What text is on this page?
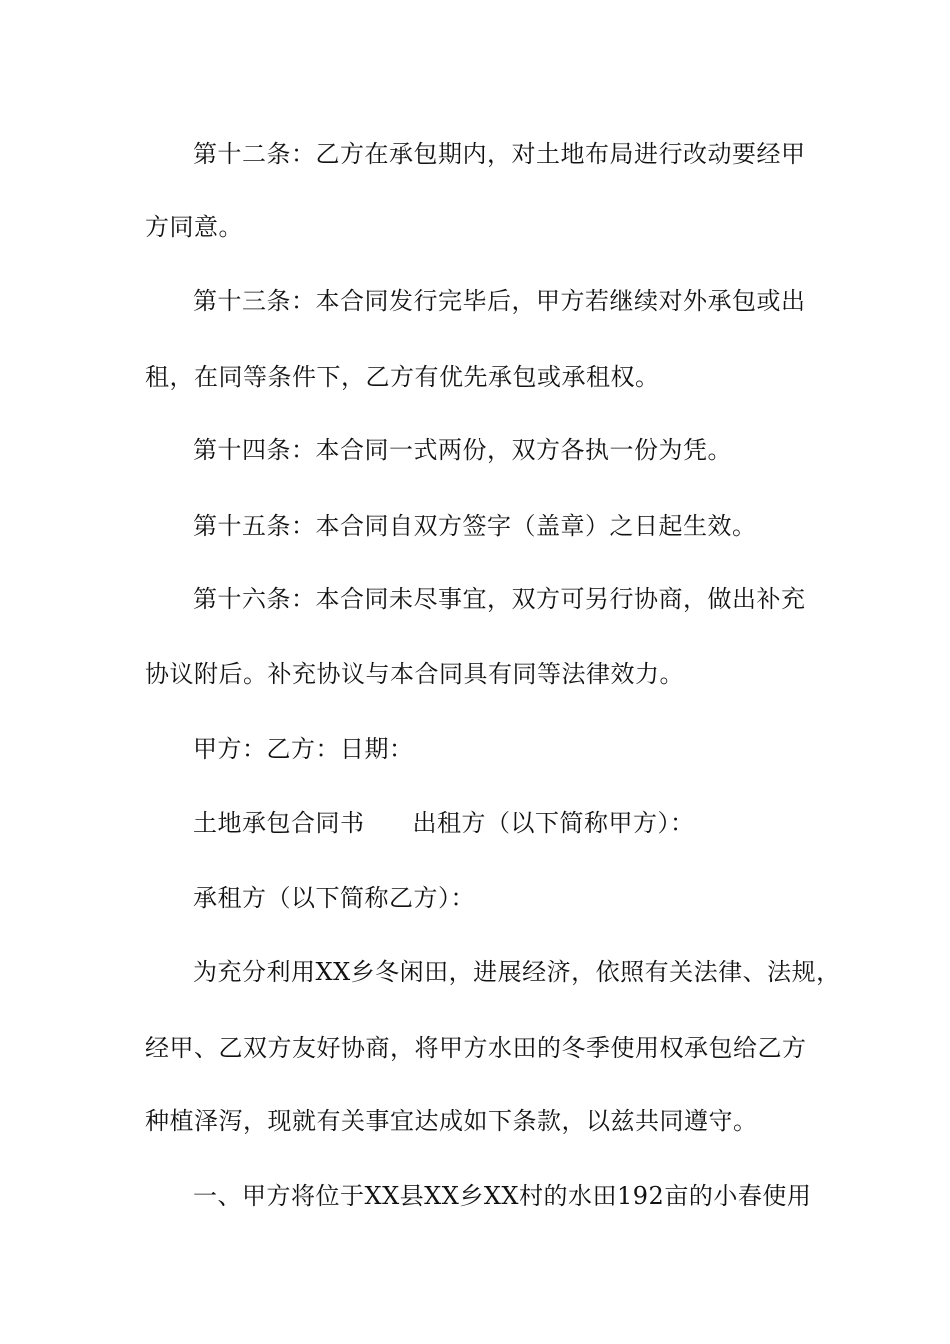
第十二条：乙方在承包期内，对土地布局进行改动要经甲
方同意。
第十三条：本合同发行完毕后，甲方若继续对外承包或出
租，在同等条件下，乙方有优先承包或承租权。
第十四条：本合同一式两份，双方各执一份为凭。
第十五条：本合同自双方签字（盖章）之日起生效。
第十六条：本合同未尽事宜，双方可另行协商，做出补充
协议附后。补充协议与本合同具有同等法律效力。
甲方：乙方：日期：
土地承包合同书 出租方（以下简称甲方）：
承租方（以下简称乙方）：
为充分利用XX乡冬闲田，进展经济，依照有关法律、法规，
经甲、乙双方友好协商，将甲方水田的冬季使用权承包给乙方
种植泽泻，现就有关事宜达成如下条款，以兹共同遵守。
一、甲方将位于XX县XX乡XX村的水田192亩的小春使用
